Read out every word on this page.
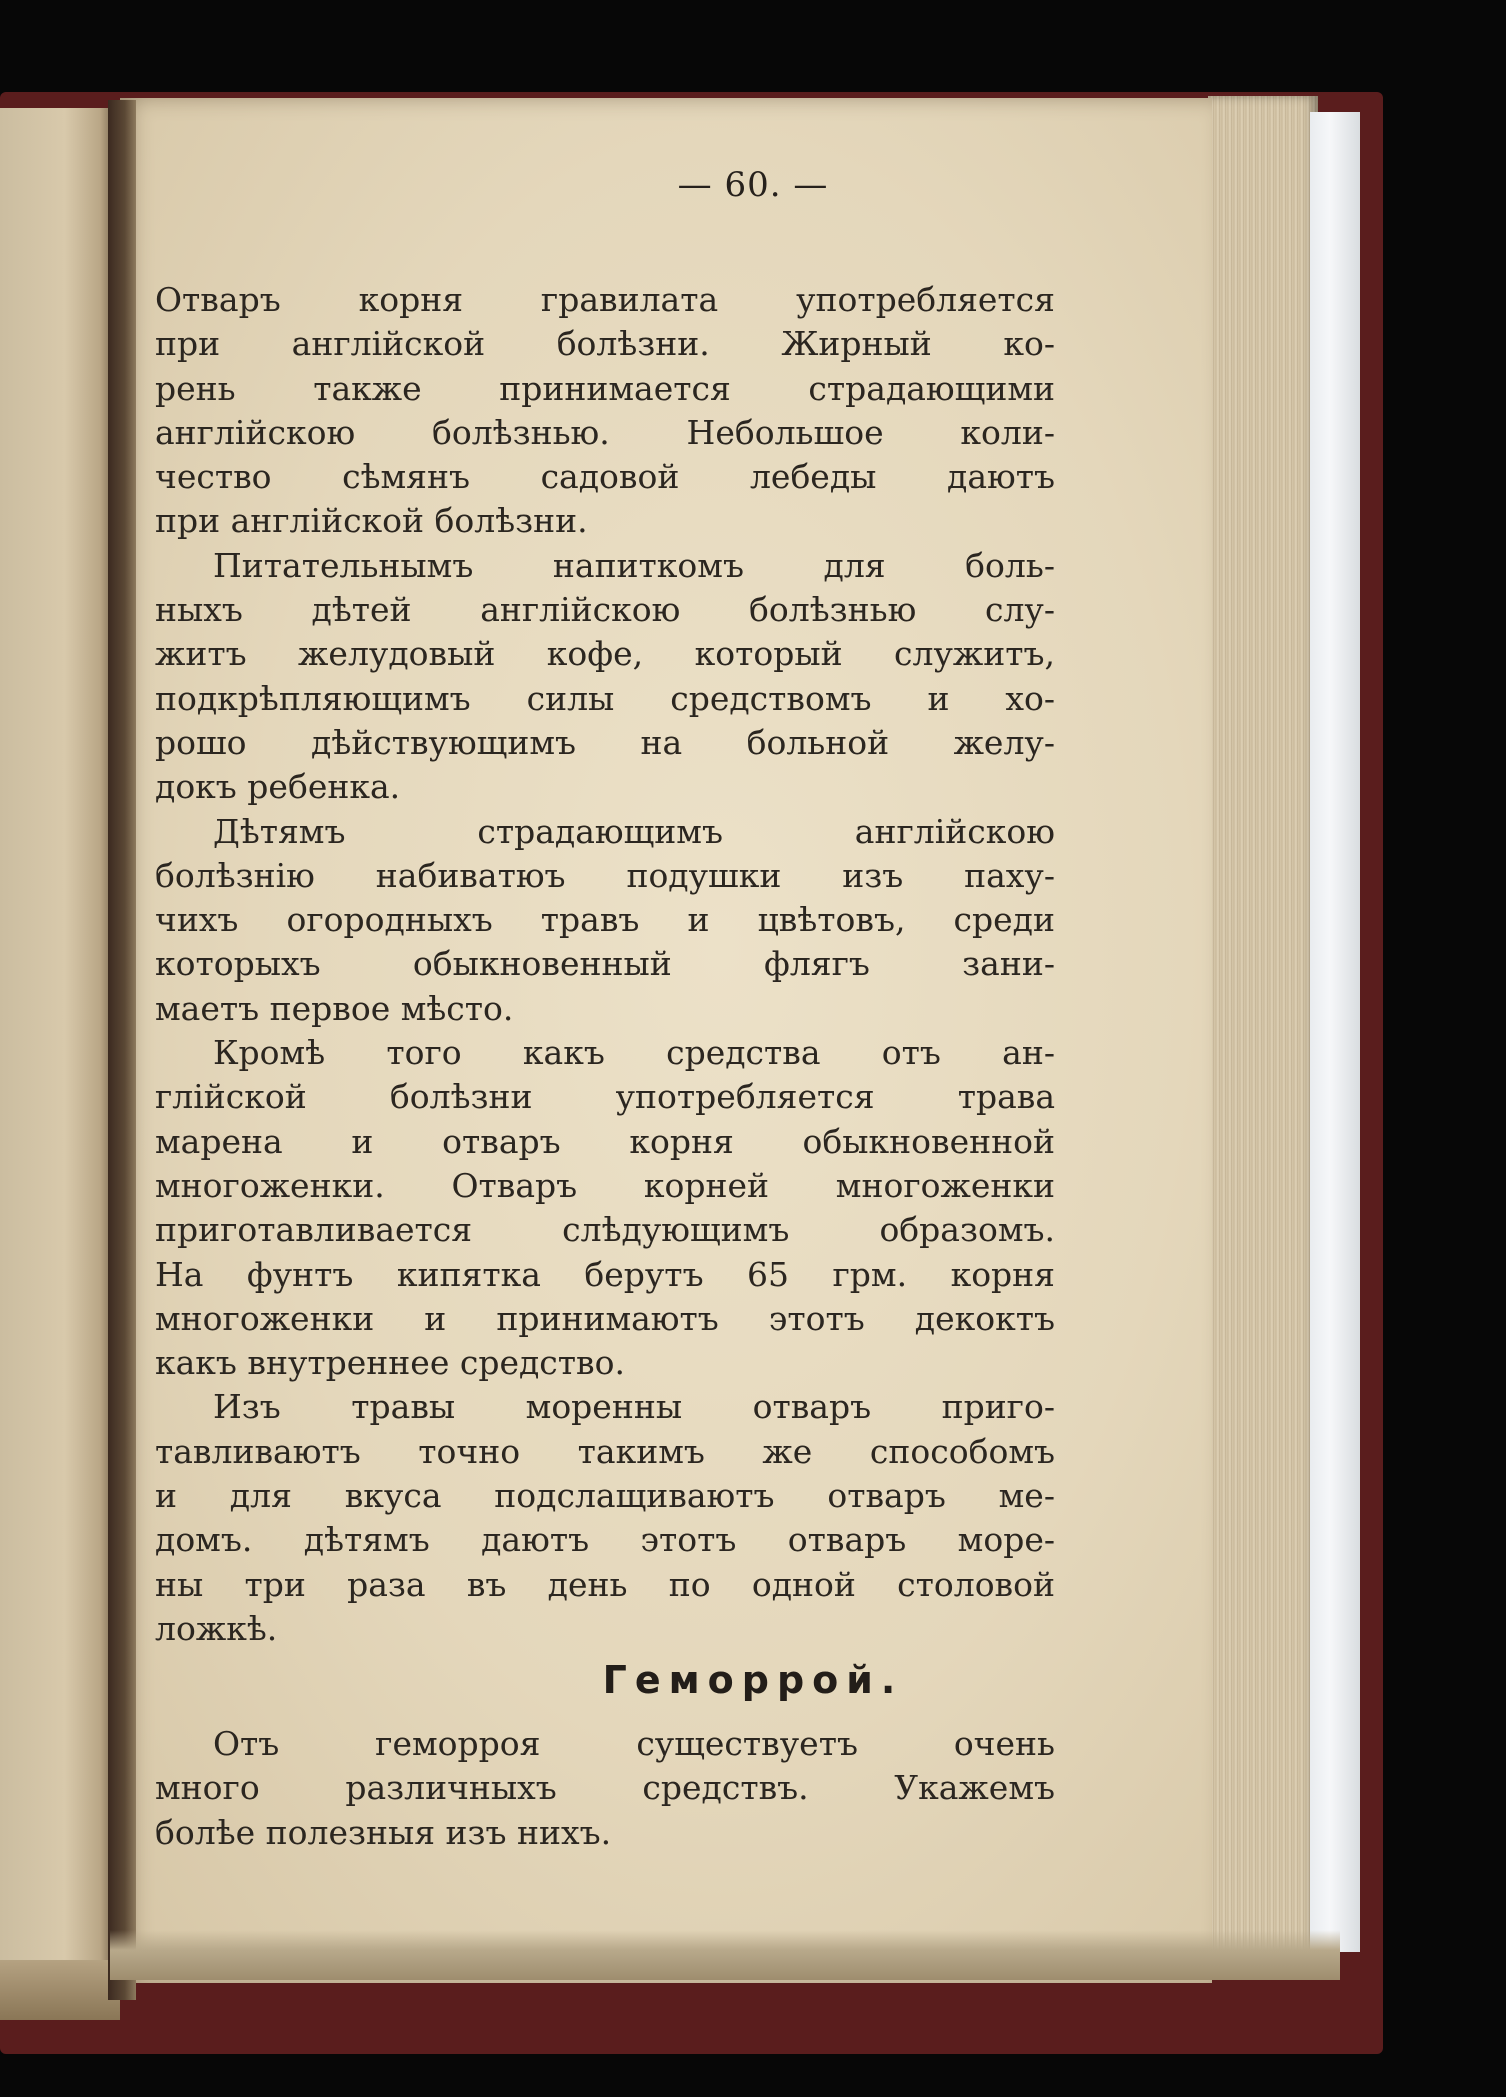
— 60. —

Отваръ корня гравилата употребляется
при англійской болѣзни. Жирный ко-
рень также принимается страдающими
англійскою болѣзнью. Небольшое коли-
чество сѣмянъ садовой лебеды даютъ
при англійской болѣзни.

Питательнымъ напиткомъ для боль-
ныхъ дѣтей англійскою болѣзнью слу-
житъ желудовый кофе, который служитъ,
подкрѣпляющимъ силы средствомъ и хо-
рошо дѣйствующимъ на больной желу-
докъ ребенка.

Дѣтямъ страдающимъ англійскою
болѣзнію набиватюъ подушки изъ паху-
чихъ огородныхъ травъ и цвѣтовъ, среди
которыхъ обыкновенный флягъ зани-
маетъ первое мѣсто.

Кромѣ того какъ средства отъ ан-
глійской болѣзни употребляется трава
марена и отваръ корня обыкновенной
многоженки. Отваръ корней многоженки
приготавливается слѣдующимъ образомъ.
На фунтъ кипятка берутъ 65 грм. корня
многоженки и принимаютъ этотъ декоктъ
какъ внутреннее средство.

Изъ травы моренны отваръ приго-
тавливаютъ точно такимъ же способомъ
и для вкуса подслащиваютъ отваръ ме-
домъ. дѣтямъ даютъ этотъ отваръ море-
ны три раза въ день по одной столовой
ложкѣ.

Геморрой.

Отъ геморроя существуетъ очень
много различныхъ средствъ. Укажемъ
болѣе полезныя изъ нихъ.
